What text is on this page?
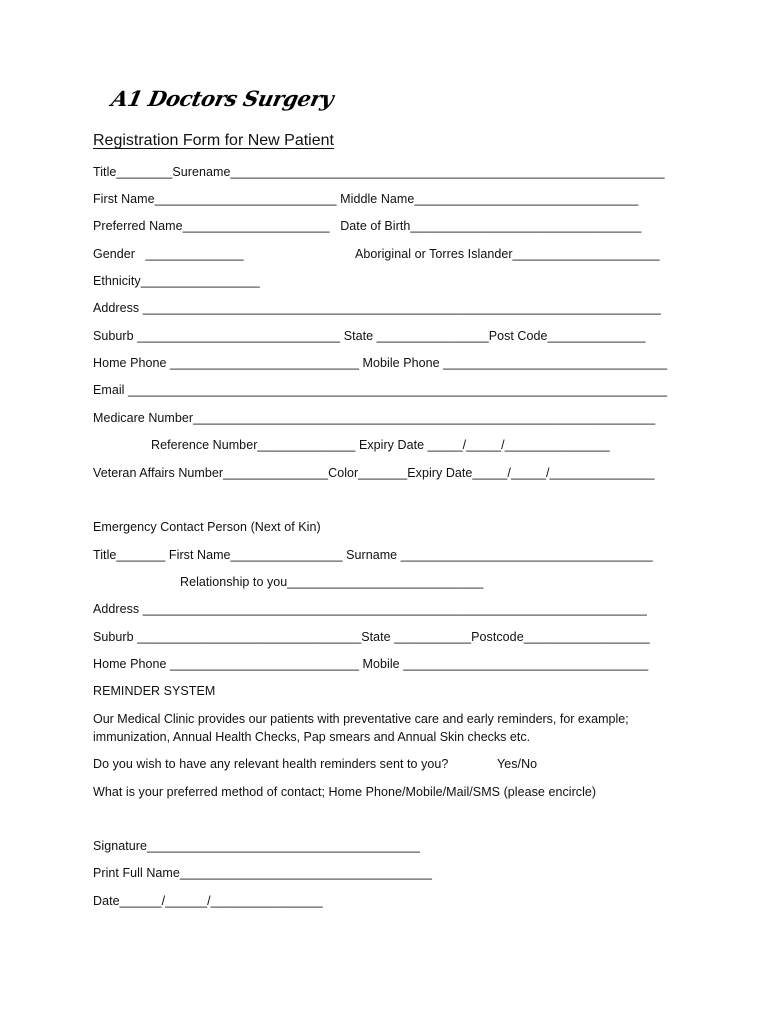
A1 Doctors Surgery
Registration Form for New Patient
Title________Surename______________________________________________________________
First Name__________________________ Middle Name________________________________
Preferred Name_____________________   Date of Birth_________________________________
Gender   ______________	Aboriginal or Torres Islander_____________________
Ethnicity_________________
Address __________________________________________________________________________
Suburb _____________________________ State ________________Post Code______________
Home Phone ___________________________ Mobile Phone ________________________________
Email _____________________________________________________________________________
Medicare Number__________________________________________________________________
Reference Number______________ Expiry Date _____/_____/_______________
Veteran Affairs Number_______________Color_______Expiry Date_____/_____/_______________
Emergency Contact Person (Next of Kin)
Title_______ First Name________________ Surname ____________________________________
Relationship to you____________________________
Address ________________________________________________________________________
Suburb ________________________________State ___________Postcode__________________
Home Phone ___________________________ Mobile ___________________________________
REMINDER SYSTEM
Our Medical Clinic provides our patients with preventative care and early reminders, for example; immunization, Annual Health Checks, Pap smears and Annual Skin checks etc.
Do you wish to have any relevant health reminders sent to you?	Yes/No
What is your preferred method of contact; Home Phone/Mobile/Mail/SMS (please encircle)
Signature_______________________________________
Print Full Name____________________________________
Date______/______/________________
